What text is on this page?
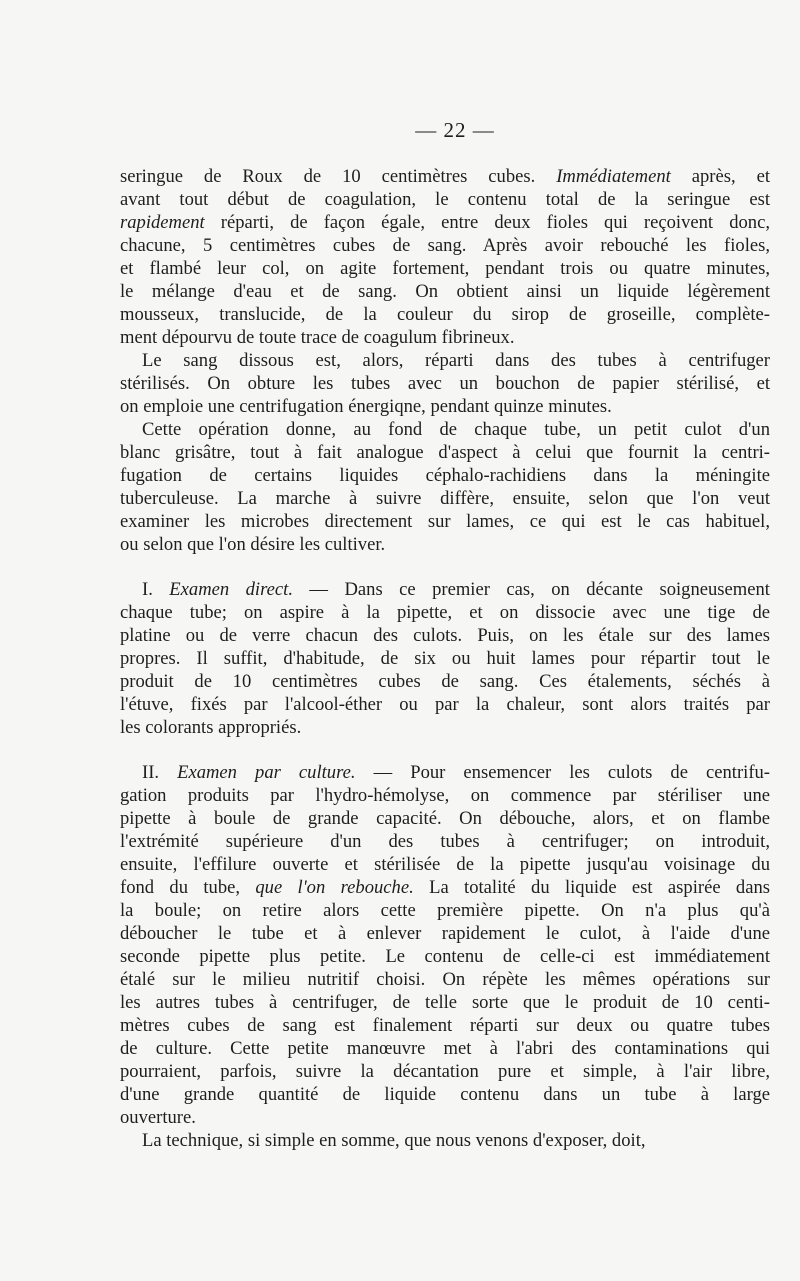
— 22 —

seringue de Roux de 10 centimètres cubes. Immédiatement après, et
avant tout début de coagulation, le contenu total de la seringue est
rapidement réparti, de façon égale, entre deux fioles qui reçoivent donc,
chacune, 5 centimètres cubes de sang. Après avoir rebouché les fioles,
et flambé leur col, on agite fortement, pendant trois ou quatre minutes,
le mélange d'eau et de sang. On obtient ainsi un liquide légèrement
mousseux, translucide, de la couleur du sirop de groseille, complète-
ment dépourvu de toute trace de coagulum fibrineux.

Le sang dissous est, alors, réparti dans des tubes à centrifuger
stérilisés. On obture les tubes avec un bouchon de papier stérilisé, et
on emploie une centrifugation énergiqne, pendant quinze minutes.

Cette opération donne, au fond de chaque tube, un petit culot d'un
blanc grisâtre, tout à fait analogue d'aspect à celui que fournit la centri-
fugation de certains liquides céphalo-rachidiens dans la méningite
tuberculeuse. La marche à suivre diffère, ensuite, selon que l'on veut
examiner les microbes directement sur lames, ce qui est le cas habituel,
ou selon que l'on désire les cultiver.

I. Examen direct. — Dans ce premier cas, on décante soigneusement
chaque tube; on aspire à la pipette, et on dissocie avec une tige de
platine ou de verre chacun des culots. Puis, on les étale sur des lames
propres. Il suffit, d'habitude, de six ou huit lames pour répartir tout le
produit de 10 centimètres cubes de sang. Ces étalements, séchés à
l'étuve, fixés par l'alcool-éther ou par la chaleur, sont alors traités par
les colorants appropriés.

II. Examen par culture. — Pour ensemencer les culots de centrifu-
gation produits par l'hydro-hémolyse, on commence par stériliser une
pipette à boule de grande capacité. On débouche, alors, et on flambe
l'extrémité supérieure d'un des tubes à centrifuger; on introduit,
ensuite, l'effilure ouverte et stérilisée de la pipette jusqu'au voisinage du
fond du tube, que l'on rebouche. La totalité du liquide est aspirée dans
la boule; on retire alors cette première pipette. On n'a plus qu'à
déboucher le tube et à enlever rapidement le culot, à l'aide d'une
seconde pipette plus petite. Le contenu de celle-ci est immédiatement
étalé sur le milieu nutritif choisi. On répète les mêmes opérations sur
les autres tubes à centrifuger, de telle sorte que le produit de 10 centi-
mètres cubes de sang est finalement réparti sur deux ou quatre tubes
de culture. Cette petite manœuvre met à l'abri des contaminations qui
pourraient, parfois, suivre la décantation pure et simple, à l'air libre,
d'une grande quantité de liquide contenu dans un tube à large
ouverture.

La technique, si simple en somme, que nous venons d'exposer, doit,
